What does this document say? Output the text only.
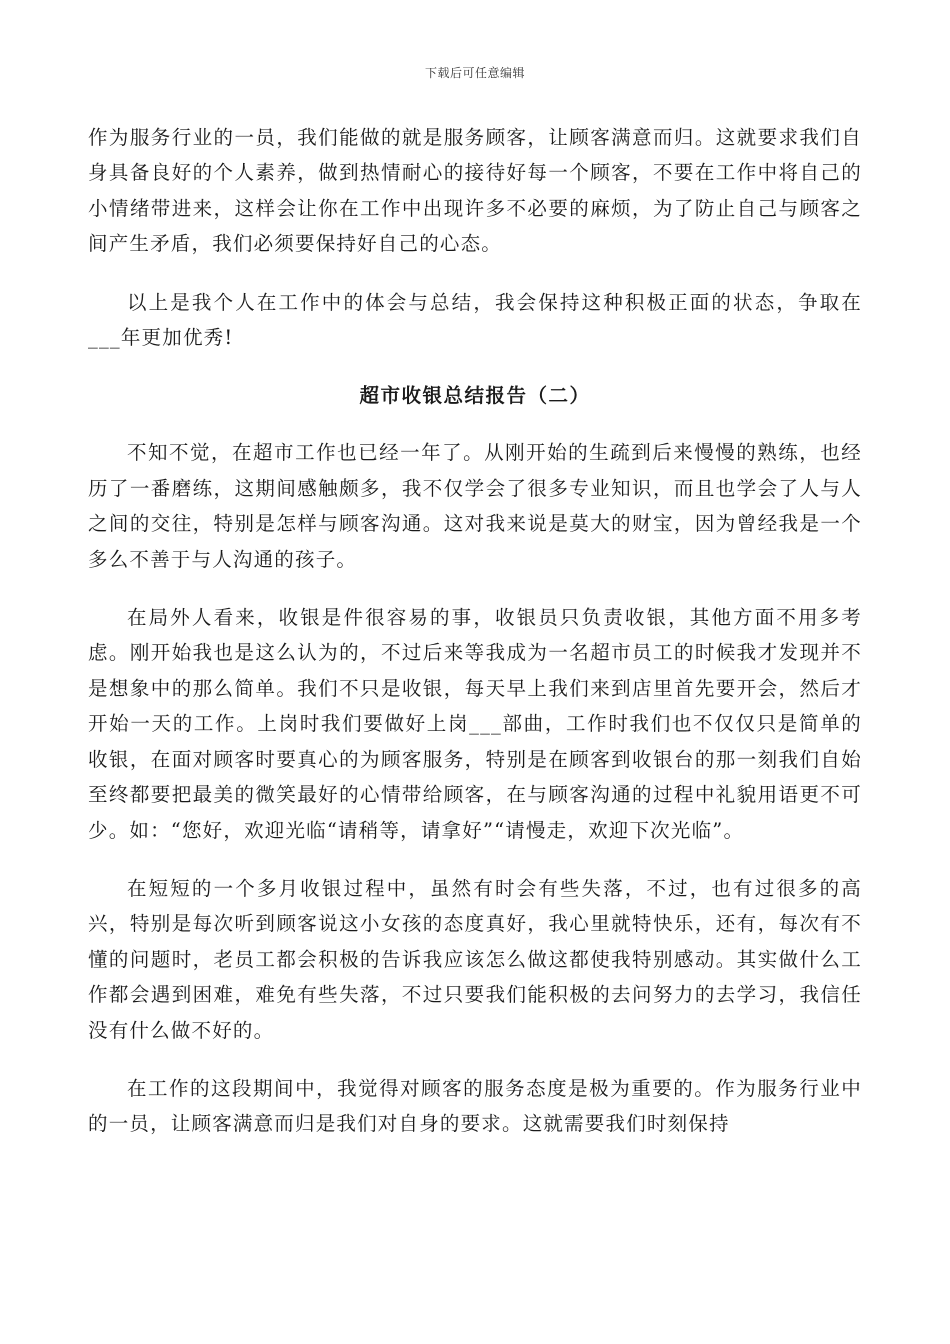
下载后可任意编辑

作为服务行业的一员，我们能做的就是服务顾客，让顾客满意而归。这就要求我们自身具备良好的个人素养，做到热情耐心的接待好每一个顾客，不要在工作中将自己的小情绪带进来，这样会让你在工作中出现许多不必要的麻烦，为了防止自己与顾客之间产生矛盾，我们必须要保持好自己的心态。

以上是我个人在工作中的体会与总结，我会保持这种积极正面的状态，争取在___年更加优秀!

超市收银总结报告（二）

不知不觉，在超市工作也已经一年了。从刚开始的生疏到后来慢慢的熟练，也经历了一番磨练，这期间感触颇多，我不仅学会了很多专业知识，而且也学会了人与人之间的交往，特别是怎样与顾客沟通。这对我来说是莫大的财宝，因为曾经我是一个多么不善于与人沟通的孩子。

在局外人看来，收银是件很容易的事，收银员只负责收银，其他方面不用多考虑。刚开始我也是这么认为的，不过后来等我成为一名超市员工的时候我才发现并不是想象中的那么简单。我们不只是收银，每天早上我们来到店里首先要开会，然后才开始一天的工作。上岗时我们要做好上岗___部曲，工作时我们也不仅仅只是简单的收银，在面对顾客时要真心的为顾客服务，特别是在顾客到收银台的那一刻我们自始至终都要把最美的微笑最好的心情带给顾客，在与顾客沟通的过程中礼貌用语更不可少。如：“您好，欢迎光临“请稍等，请拿好”“请慢走，欢迎下次光临”。

在短短的一个多月收银过程中，虽然有时会有些失落，不过，也有过很多的高兴，特别是每次听到顾客说这小女孩的态度真好，我心里就特快乐，还有，每次有不懂的问题时，老员工都会积极的告诉我应该怎么做这都使我特别感动。其实做什么工作都会遇到困难，难免有些失落，不过只要我们能积极的去问努力的去学习，我信任没有什么做不好的。

在工作的这段期间中，我觉得对顾客的服务态度是极为重要的。作为服务行业中的一员，让顾客满意而归是我们对自身的要求。这就需要我们时刻保持
